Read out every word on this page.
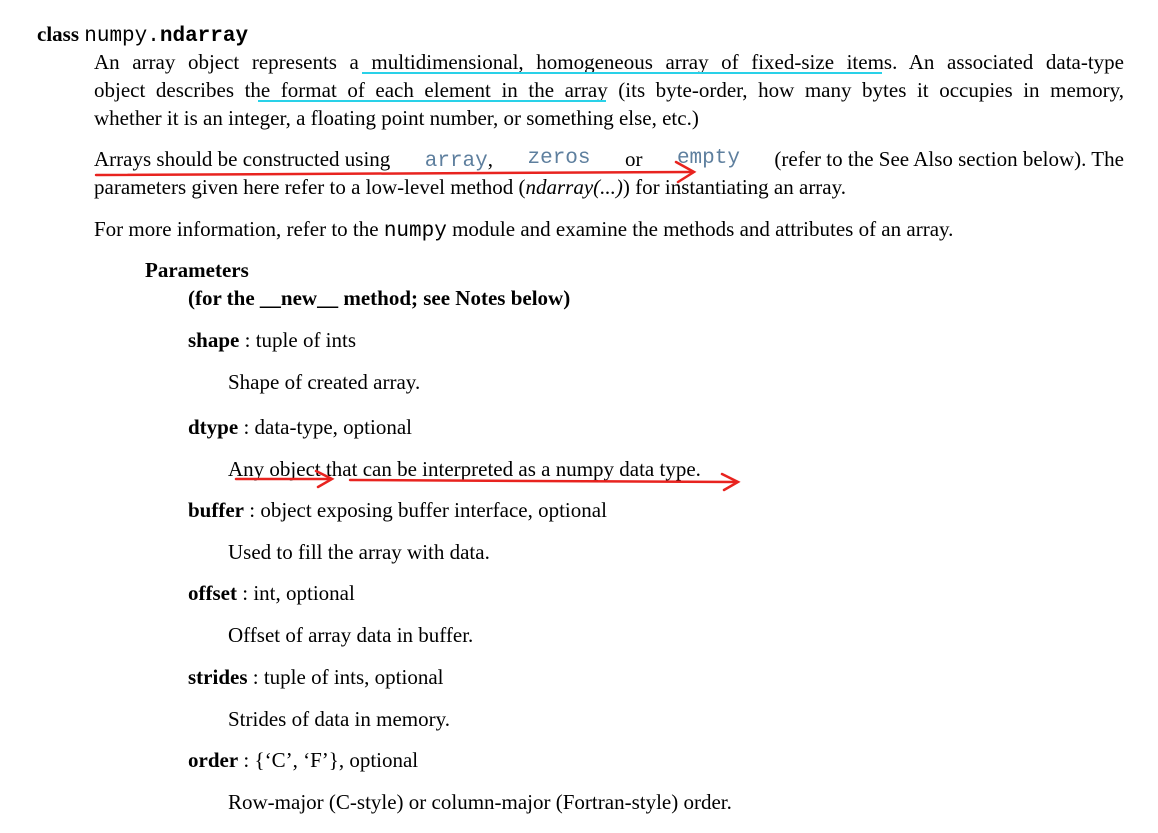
class numpy.ndarray
An array object represents a multidimensional, homogeneous array of fixed-size items. An associated data-type
object describes the format of each element in the array (its byte-order, how many bytes it occupies in memory,
whether it is an integer, a floating point number, or something else, etc.)
Arrays should be constructed using array, zeros or empty (refer to the See Also section below). The
parameters given here refer to a low-level method (ndarray(...)) for instantiating an array.
For more information, refer to the numpy module and examine the methods and attributes of an array.
Parameters
(for the __new__ method; see Notes below)
shape : tuple of ints
Shape of created array.
dtype : data-type, optional
Any object that can be interpreted as a numpy data type.
buffer : object exposing buffer interface, optional
Used to fill the array with data.
offset : int, optional
Offset of array data in buffer.
strides : tuple of ints, optional
Strides of data in memory.
order : {‘C’, ‘F’}, optional
Row-major (C-style) or column-major (Fortran-style) order.
